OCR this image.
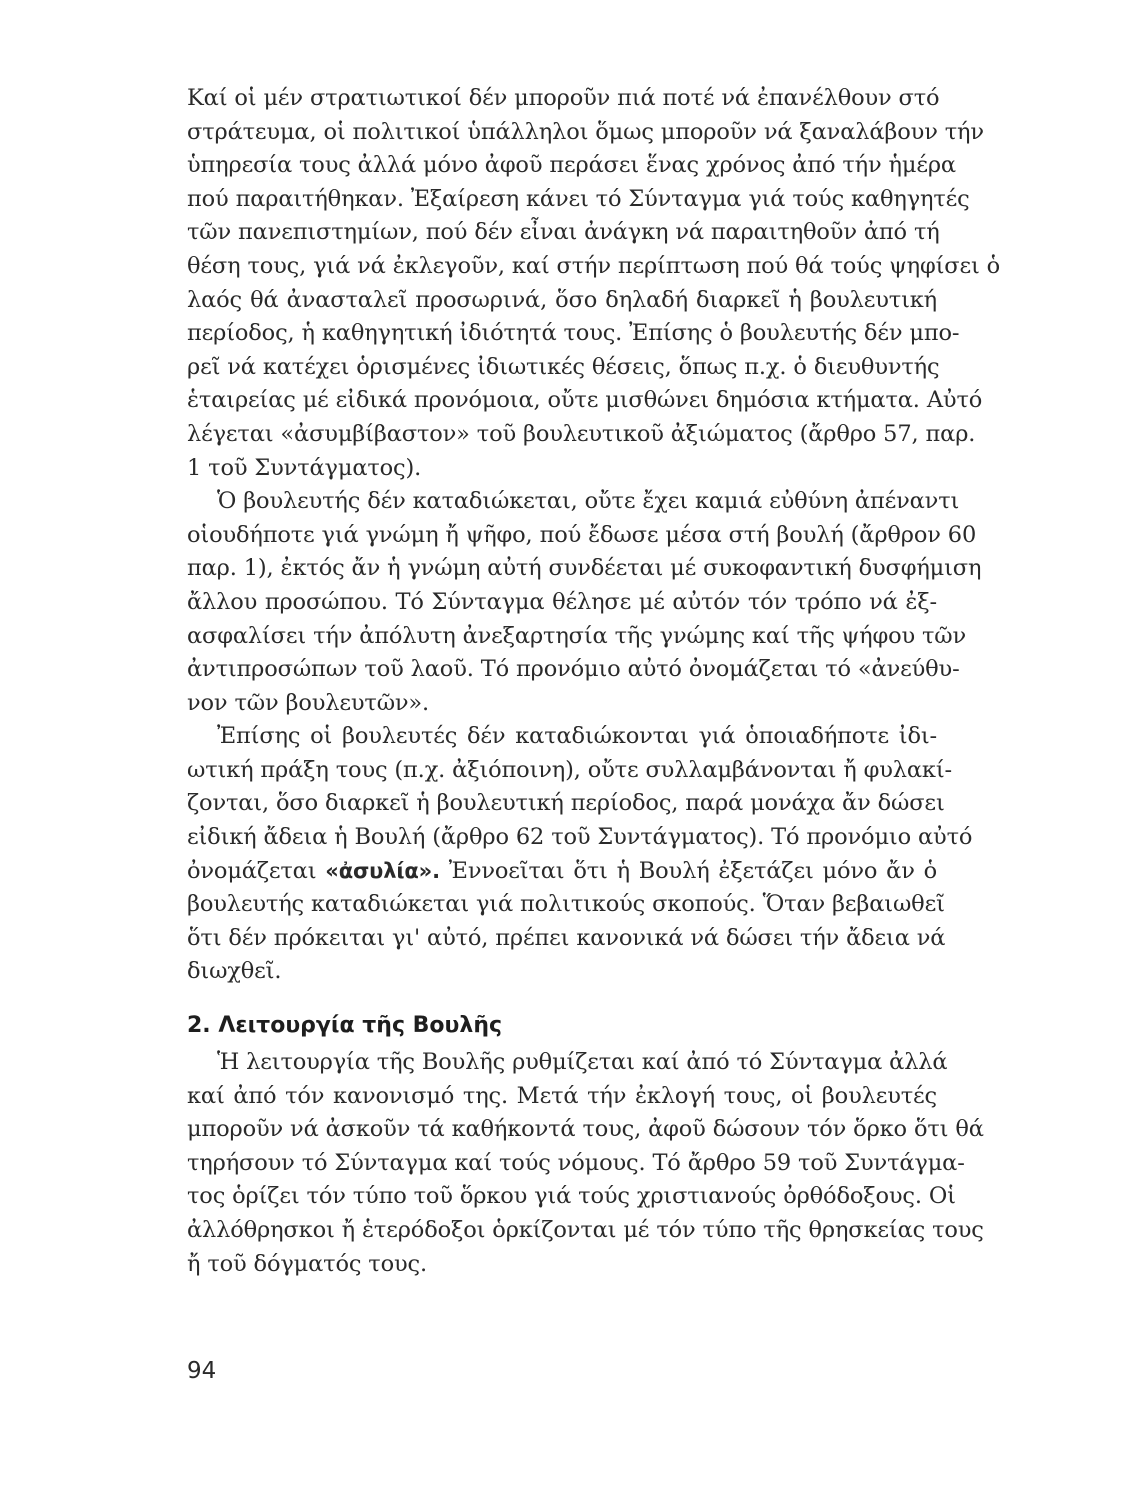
Καί οἱ μέν στρατιωτικοί δέν μποροῦν πιά ποτέ νά ἐπανέλθουν στό
στράτευμα, οἱ πολιτικοί ὑπάλληλοι ὅμως μποροῦν νά ξαναλάβουν τήν
ὑπηρεσία τους ἀλλά μόνο ἀφοῦ περάσει ἕνας χρόνος ἀπό τήν ἡμέρα
πού παραιτήθηκαν. Ἐξαίρεση κάνει τό Σύνταγμα γιά τούς καθηγητές
τῶν πανεπιστημίων, πού δέν εἶναι ἀνάγκη νά παραιτηθοῦν ἀπό τή
θέση τους, γιά νά ἐκλεγοῦν, καί στήν περίπτωση πού θά τούς ψηφίσει ὁ
λαός θά ἀνασταλεῖ προσωρινά, ὅσο δηλαδή διαρκεῖ ἡ βουλευτική
περίοδος, ἡ καθηγητική ἰδιότητά τους. Ἐπίσης ὁ βουλευτής δέν μπο-
ρεῖ νά κατέχει ὁρισμένες ἰδιωτικές θέσεις, ὅπως π.χ. ὁ διευθυντής
ἑταιρείας μέ εἰδικά προνόμοια, οὔτε μισθώνει δημόσια κτήματα. Αὐτό
λέγεται «ἀσυμβίβαστον» τοῦ βουλευτικοῦ ἀξιώματος (ἄρθρο 57, παρ.
1 τοῦ Συντάγματος).

Ὁ βουλευτής δέν καταδιώκεται, οὔτε ἔχει καμιά εὐθύνη ἀπέναντι
οἱουδήποτε γιά γνώμη ἤ ψῆφο, πού ἔδωσε μέσα στή βουλή (ἄρθρον 60
παρ. 1), ἐκτός ἄν ἡ γνώμη αὐτή συνδέεται μέ συκοφαντική δυσφήμιση
ἄλλου προσώπου. Τό Σύνταγμα θέλησε μέ αὐτόν τόν τρόπο νά ἐξ-
ασφαλίσει τήν ἀπόλυτη ἀνεξαρτησία τῆς γνώμης καί τῆς ψήφου τῶν
ἀντιπροσώπων τοῦ λαοῦ. Τό προνόμιο αὐτό ὀνομάζεται τό «ἀνεύθυ-
νον τῶν βουλευτῶν».

Ἐπίσης οἱ βουλευτές δέν καταδιώκονται γιά ὁποιαδήποτε ἰδι-
ωτική πράξη τους (π.χ. ἀξιόποινη), οὔτε συλλαμβάνονται ἤ φυλακί-
ζονται, ὅσο διαρκεῖ ἡ βουλευτική περίοδος, παρά μονάχα ἄν δώσει
εἰδική ἄδεια ἡ Βουλή (ἄρθρο 62 τοῦ Συντάγματος). Τό προνόμιο αὐτό
ὀνομάζεται «ἀσυλία». Ἐννοεῖται ὅτι ἡ Βουλή ἐξετάζει μόνο ἄν ὁ
βουλευτής καταδιώκεται γιά πολιτικούς σκοπούς. Ὅταν βεβαιωθεῖ
ὅτι δέν πρόκειται γι' αὐτό, πρέπει κανονικά νά δώσει τήν ἄδεια νά
διωχθεῖ.

2. Λειτουργία τῆς Βουλῆς

Ἡ λειτουργία τῆς Βουλῆς ρυθμίζεται καί ἀπό τό Σύνταγμα ἀλλά
καί ἀπό τόν κανονισμό της. Μετά τήν ἐκλογή τους, οἱ βουλευτές
μποροῦν νά ἀσκοῦν τά καθήκοντά τους, ἀφοῦ δώσουν τόν ὅρκο ὅτι θά
τηρήσουν τό Σύνταγμα καί τούς νόμους. Τό ἄρθρο 59 τοῦ Συντάγμα-
τος ὁρίζει τόν τύπο τοῦ ὅρκου γιά τούς χριστιανούς ὀρθόδοξους. Οἱ
ἀλλόθρησκοι ἤ ἑτερόδοξοι ὁρκίζονται μέ τόν τύπο τῆς θρησκείας τους
ἤ τοῦ δόγματός τους.

94
